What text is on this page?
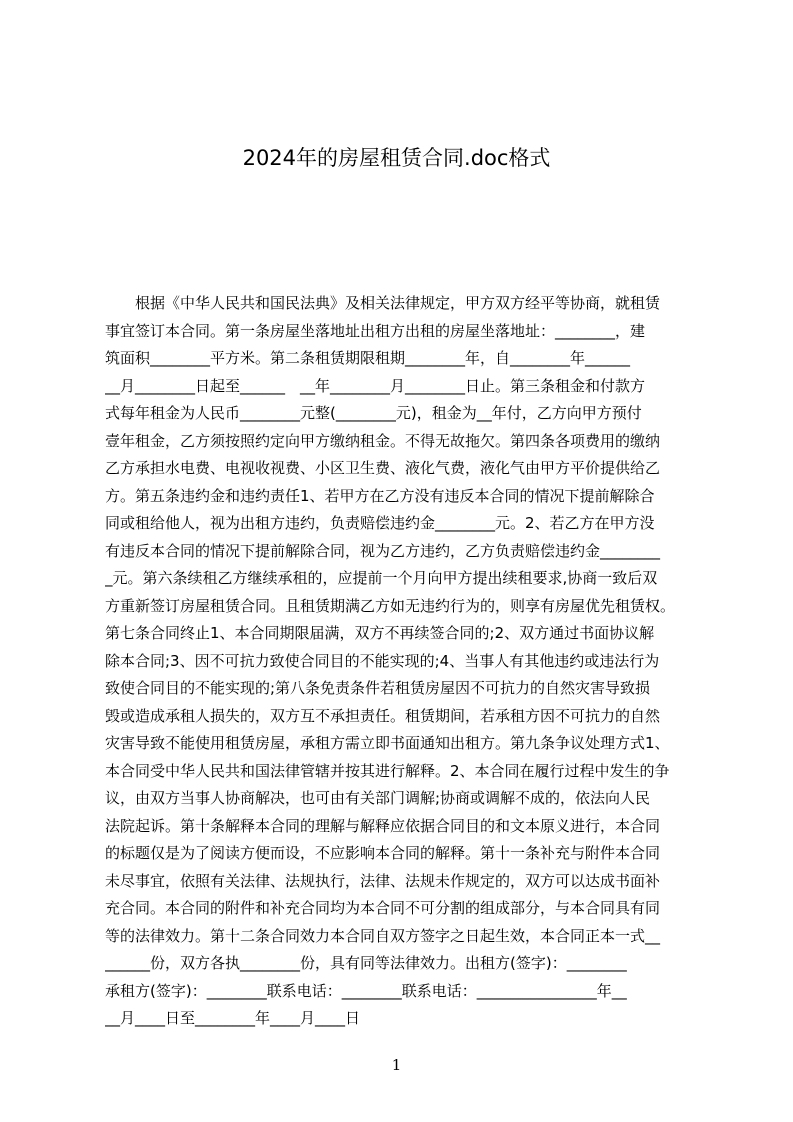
2024年的房屋租赁合同.doc格式
　　根据《中华人民共和国民法典》及相关法律规定，甲方双方经平等协商，就租赁
事宜签订本合同。第一条房屋坐落地址出租方出租的房屋坐落地址：________，建
筑面积________平方米。第二条租赁期限租期________年，自________年______
__月________日起至______　__年________月________日止。第三条租金和付款方
式每年租金为人民币________元整(________元)，租金为__年付，乙方向甲方预付
壹年租金，乙方须按照约定向甲方缴纳租金。不得无故拖欠。第四条各项费用的缴纳
乙方承担水电费、电视收视费、小区卫生费、液化气费，液化气由甲方平价提供给乙
方。第五条违约金和违约责任1、若甲方在乙方没有违反本合同的情况下提前解除合
同或租给他人，视为出租方违约，负责赔偿违约金________元。2、若乙方在甲方没
有违反本合同的情况下提前解除合同，视为乙方违约，乙方负责赔偿违约金________
_元。第六条续租乙方继续承租的，应提前一个月向甲方提出续租要求,协商一致后双
方重新签订房屋租赁合同。且租赁期满乙方如无违约行为的，则享有房屋优先租赁权。
第七条合同终止1、本合同期限届满，双方不再续签合同的;2、双方通过书面协议解
除本合同;3、因不可抗力致使合同目的不能实现的;4、当事人有其他违约或违法行为
致使合同目的不能实现的;第八条免责条件若租赁房屋因不可抗力的自然灾害导致损
毁或造成承租人损失的，双方互不承担责任。租赁期间，若承租方因不可抗力的自然
灾害导致不能使用租赁房屋，承租方需立即书面通知出租方。第九条争议处理方式1、
本合同受中华人民共和国法律管辖并按其进行解释。2、本合同在履行过程中发生的争
议，由双方当事人协商解决，也可由有关部门调解;协商或调解不成的，依法向人民
法院起诉。第十条解释本合同的理解与解释应依据合同目的和文本原义进行，本合同
的标题仅是为了阅读方便而设，不应影响本合同的解释。第十一条补充与附件本合同
未尽事宜，依照有关法律、法规执行，法律、法规未作规定的，双方可以达成书面补
充合同。本合同的附件和补充合同均为本合同不可分割的组成部分，与本合同具有同
等的法律效力。第十二条合同效力本合同自双方签字之日起生效，本合同正本一式__
______份，双方各执________份，具有同等法律效力。出租方(签字)：________
承租方(签字)：________联系电话：________联系电话：________________年__
__月____日至________年____月____日
1
